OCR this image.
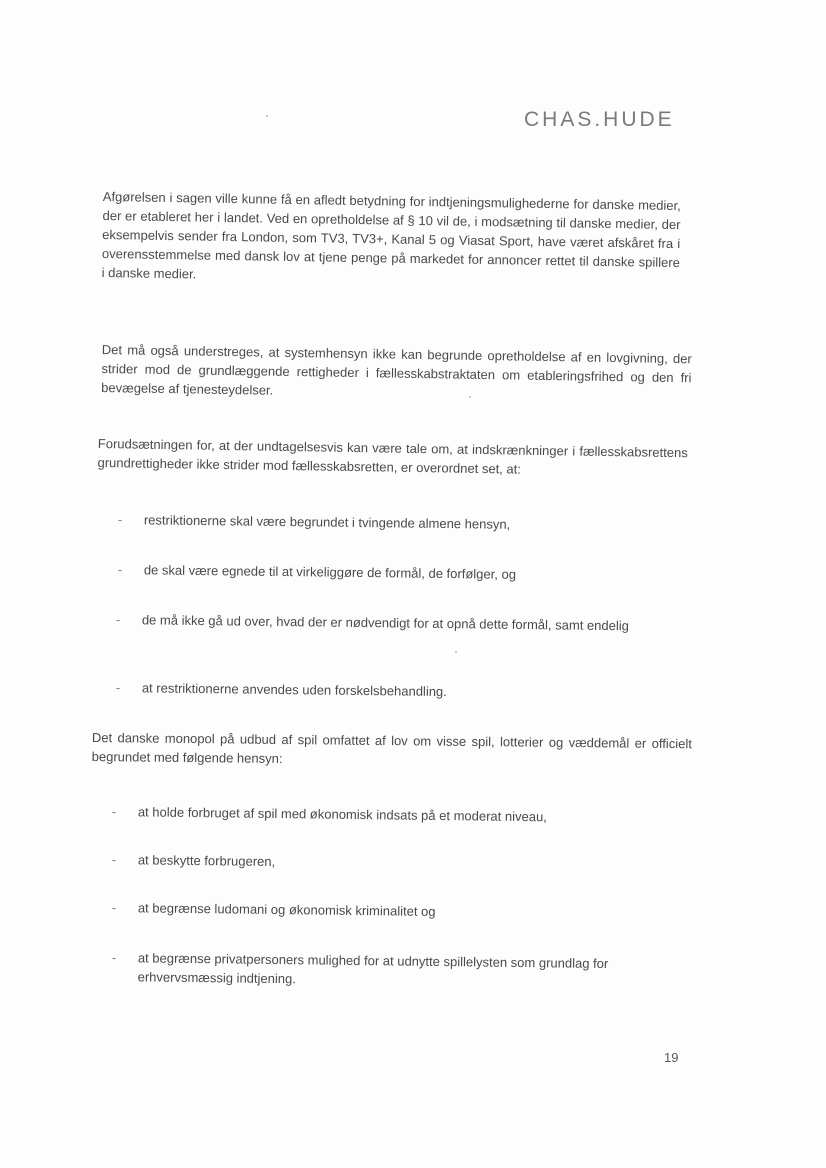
CHAS.HUDE

Afgørelsen i sagen ville kunne få en afledt betydning for indtjeningsmulighederne for danske medier, der er etableret her i landet. Ved en opretholdelse af § 10 vil de, i modsætning til danske medier, der eksempelvis sender fra London, som TV3, TV3+, Kanal 5 og Viasat Sport, have været afskåret fra i overensstemmelse med dansk lov at tjene penge på markedet for annoncer rettet til danske spillere i danske medier.

Det må også understreges, at systemhensyn ikke kan begrunde opretholdelse af en lovgivning, der strider mod de grundlæggende rettigheder i fællesskabstraktaten om etableringsfrihed og den fri bevægelse af tjenesteydelser.

Forudsætningen for, at der undtagelsesvis kan være tale om, at indskrænkninger i fællesskabsrettens grundrettigheder ikke strider mod fællesskabsretten, er overordnet set, at:

- restriktionerne skal være begrundet i tvingende almene hensyn,
- de skal være egnede til at virkeliggøre de formål, de forfølger, og
- de må ikke gå ud over, hvad der er nødvendigt for at opnå dette formål, samt endelig
- at restriktionerne anvendes uden forskelsbehandling.

Det danske monopol på udbud af spil omfattet af lov om visse spil, lotterier og væddemål er officielt begrundet med følgende hensyn:

- at holde forbruget af spil med økonomisk indsats på et moderat niveau,
- at beskytte forbrugeren,
- at begrænse ludomani og økonomisk kriminalitet og
- at begrænse privatpersoners mulighed for at udnytte spillelysten som grundlag for erhvervsmæssig indtjening.
19
